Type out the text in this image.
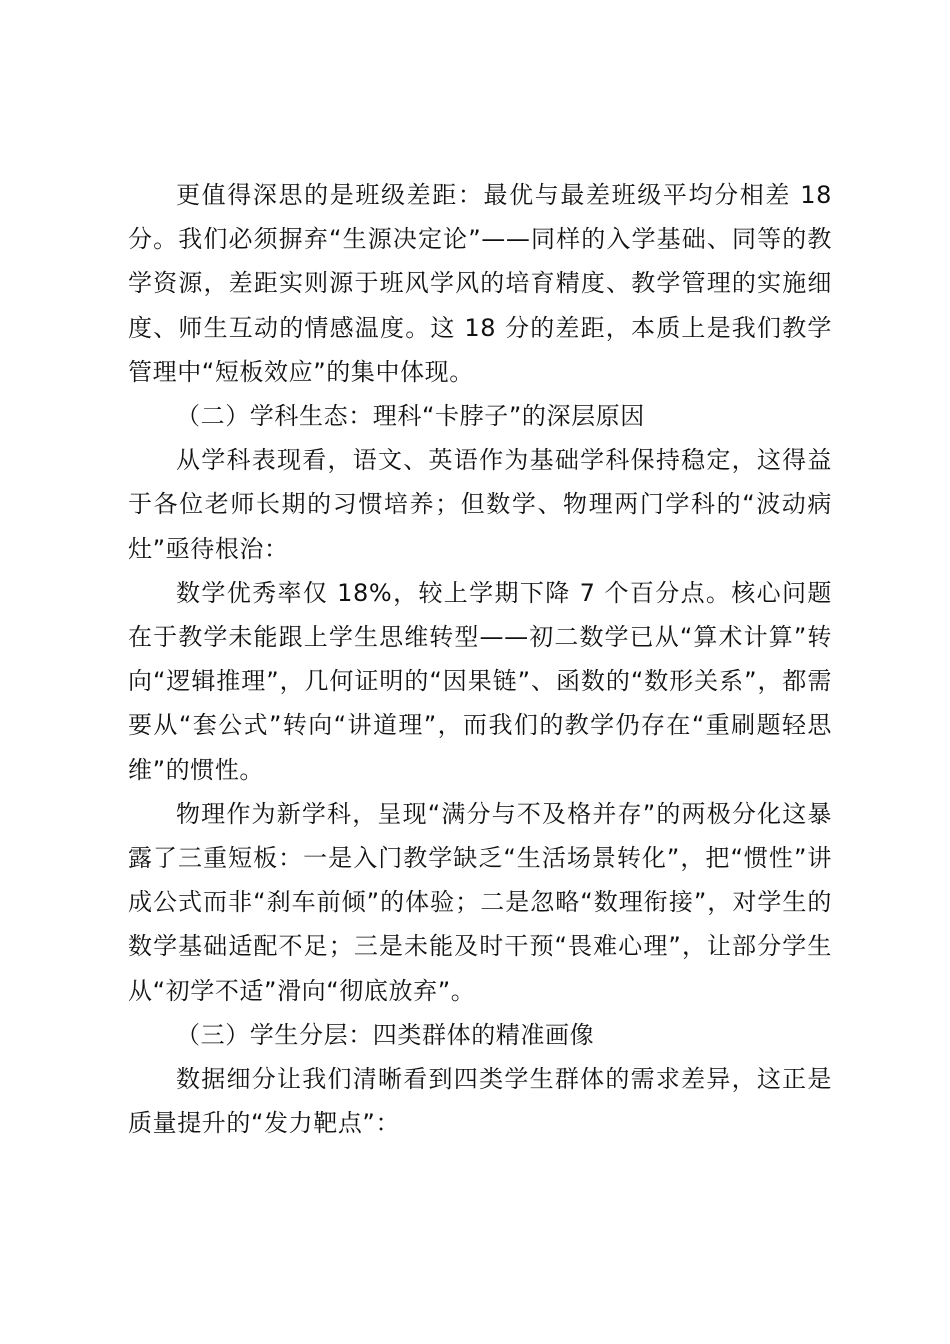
更值得深思的是班级差距：最优与最差班级平均分相差 18 分。我们必须摒弃“生源决定论”——同样的入学基础、同等的教学资源，差距实则源于班风学风的培育精度、教学管理的实施细度、师生互动的情感温度。这 18 分的差距，本质上是我们教学管理中“短板效应”的集中体现。

（二）学科生态：理科“卡脖子”的深层原因

从学科表现看，语文、英语作为基础学科保持稳定，这得益于各位老师长期的习惯培养；但数学、物理两门学科的“波动病灶”亟待根治：

数学优秀率仅 18%，较上学期下降 7 个百分点。核心问题在于教学未能跟上学生思维转型——初二数学已从“算术计算”转向“逻辑推理”，几何证明的“因果链”、函数的“数形关系”，都需要从“套公式”转向“讲道理”，而我们的教学仍存在“重刷题轻思维”的惯性。

物理作为新学科，呈现“满分与不及格并存”的两极分化这暴露了三重短板：一是入门教学缺乏“生活场景转化”，把“惯性”讲成公式而非“刹车前倾”的体验；二是忽略“数理衔接”，对学生的数学基础适配不足；三是未能及时干预“畏难心理”，让部分学生从“初学不适”滑向“彻底放弃”。

（三）学生分层：四类群体的精准画像

数据细分让我们清晰看到四类学生群体的需求差异，这正是质量提升的“发力靶点”：
